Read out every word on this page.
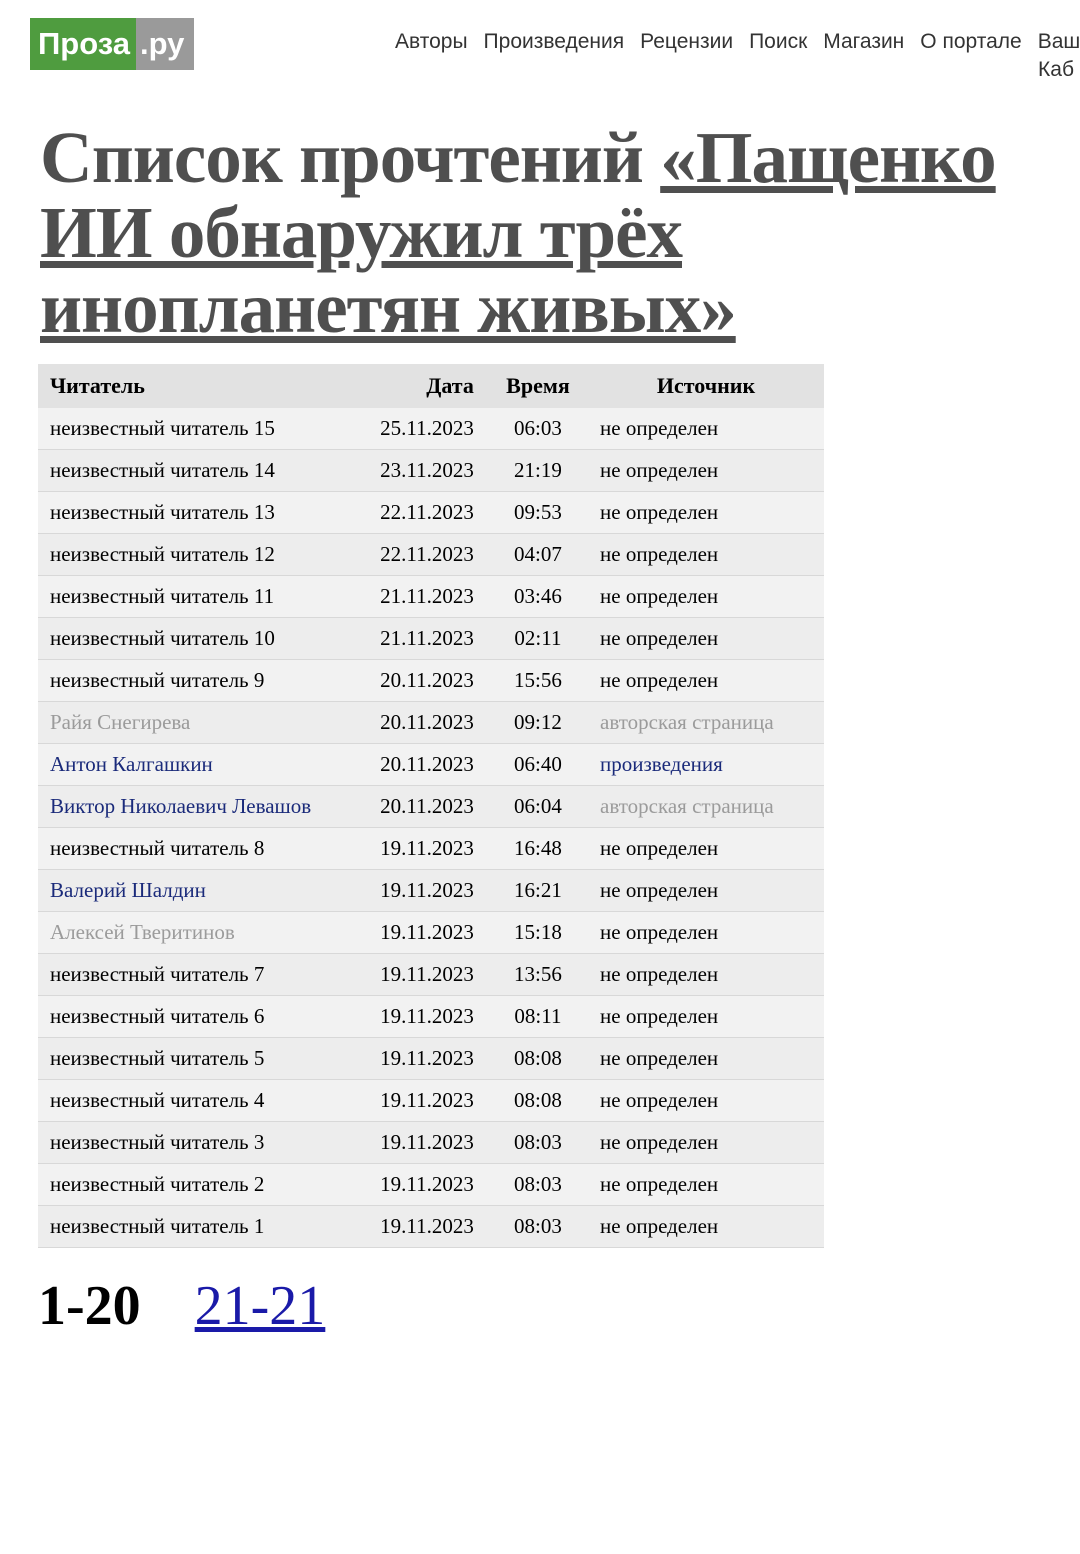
Проза .ру	Авторы Произведения Рецензии Поиск Магазин О портале Ваш
Каб
Список прочтений «Пащенко ИИ обнаружил трёх инопланетян живых»
Читатель	Дата	Время	Источник
неизвестный читатель 15	25.11.2023	06:03	не определен
неизвестный читатель 14	23.11.2023	21:19	не определен
неизвестный читатель 13	22.11.2023	09:53	не определен
неизвестный читатель 12	22.11.2023	04:07	не определен
неизвестный читатель 11	21.11.2023	03:46	не определен
неизвестный читатель 10	21.11.2023	02:11	не определен
неизвестный читатель 9	20.11.2023	15:56	не определен
Райя Снегирева	20.11.2023	09:12	авторская страница
Антон Калгашкин	20.11.2023	06:40	произведения
Виктор Николаевич Левашов	20.11.2023	06:04	авторская страница
неизвестный читатель 8	19.11.2023	16:48	не определен
Валерий Шалдин	19.11.2023	16:21	не определен
Алексей Тверитинов	19.11.2023	15:18	не определен
неизвестный читатель 7	19.11.2023	13:56	не определен
неизвестный читатель 6	19.11.2023	08:11	не определен
неизвестный читатель 5	19.11.2023	08:08	не определен
неизвестный читатель 4	19.11.2023	08:08	не определен
неизвестный читатель 3	19.11.2023	08:03	не определен
неизвестный читатель 2	19.11.2023	08:03	не определен
неизвестный читатель 1	19.11.2023	08:03	не определен
1-20 21-21
